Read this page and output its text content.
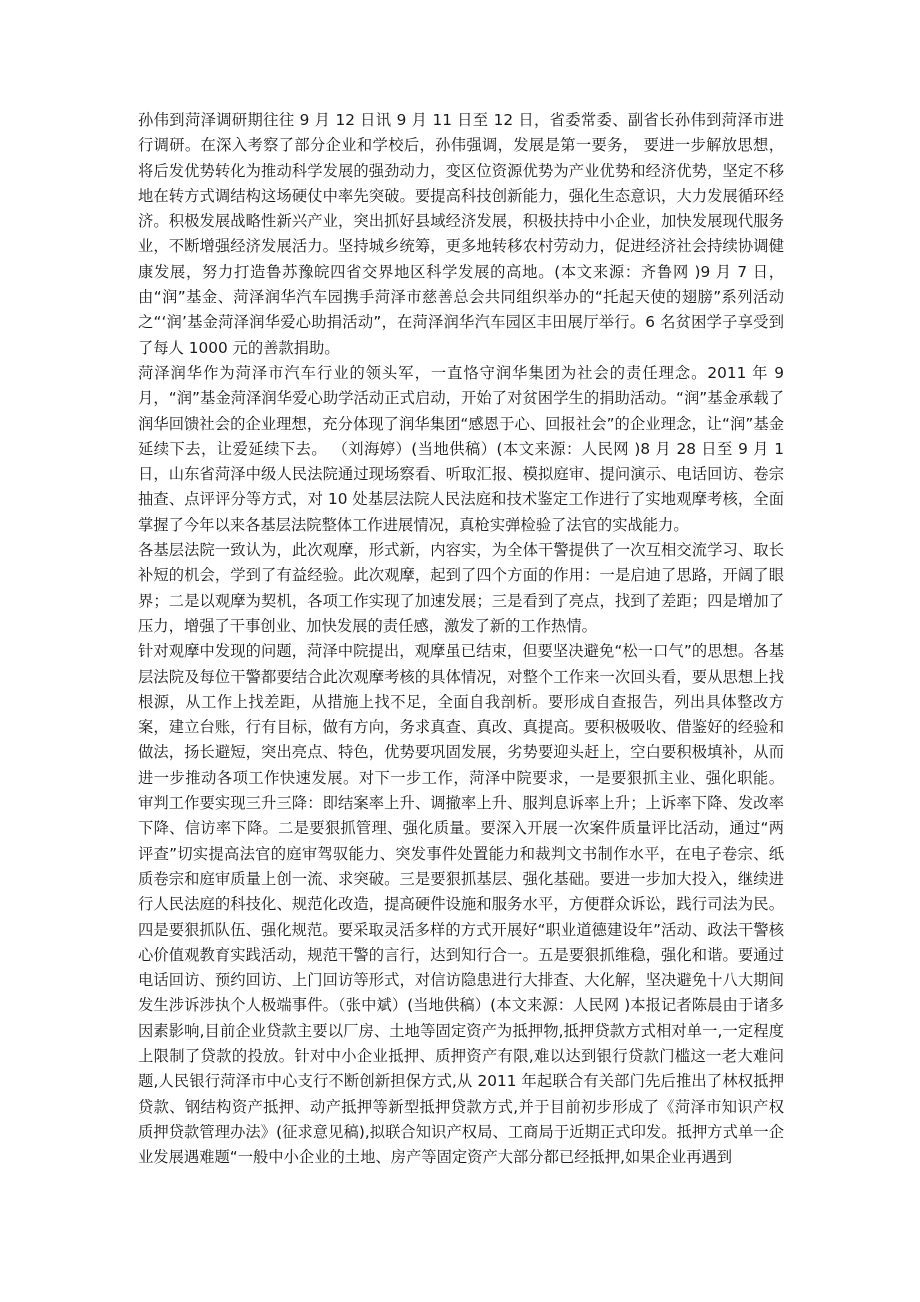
孙伟到菏泽调研期往往 9 月 12 日讯 9 月 11 日至 12 日，省委常委、副省长孙伟到菏泽市进行调研。在深入考察了部分企业和学校后，孙伟强调，发展是第一要务， 要进一步解放思想，将后发优势转化为推动科学发展的强劲动力，变区位资源优势为产业优势和经济优势，坚定不移地在转方式调结构这场硬仗中率先突破。要提高科技创新能力，强化生态意识，大力发展循环经济。积极发展战略性新兴产业，突出抓好县域经济发展，积极扶持中小企业，加快发展现代服务业，不断增强经济发展活力。坚持城乡统筹，更多地转移农村劳动力，促进经济社会持续协调健康发展，努力打造鲁苏豫皖四省交界地区科学发展的高地。(本文来源：齐鲁网 )9 月 7 日，由“润”基金、菏泽润华汽车园携手菏泽市慈善总会共同组织举办的“托起天使的翅膀”系列活动之“‘润’基金菏泽润华爱心助捐活动”，在菏泽润华汽车园区丰田展厅举行。6 名贫困学子享受到了每人 1000 元的善款捐助。

菏泽润华作为菏泽市汽车行业的领头军，一直恪守润华集团为社会的责任理念。2011 年 9 月，“润”基金菏泽润华爱心助学活动正式启动，开始了对贫困学生的捐助活动。“润”基金承载了润华回馈社会的企业理想，充分体现了润华集团“感恩于心、回报社会”的企业理念，让“润”基金延续下去，让爱延续下去。 （刘海婷）(当地供稿）(本文来源：人民网 )8 月 28 日至 9 月 1 日，山东省菏泽中级人民法院通过现场察看、听取汇报、模拟庭审、提问演示、电话回访、卷宗抽查、点评评分等方式，对 10 处基层法院人民法庭和技术鉴定工作进行了实地观摩考核，全面掌握了今年以来各基层法院整体工作进展情况，真枪实弹检验了法官的实战能力。

各基层法院一致认为，此次观摩，形式新，内容实，为全体干警提供了一次互相交流学习、取长补短的机会，学到了有益经验。此次观摩，起到了四个方面的作用：一是启迪了思路，开阔了眼界；二是以观摩为契机，各项工作实现了加速发展；三是看到了亮点，找到了差距；四是增加了压力，增强了干事创业、加快发展的责任感，激发了新的工作热情。

针对观摩中发现的问题，菏泽中院提出，观摩虽已结束，但要坚决避免“松一口气”的思想。各基层法院及每位干警都要结合此次观摩考核的具体情况，对整个工作来一次回头看，要从思想上找根源，从工作上找差距，从措施上找不足，全面自我剖析。要形成自查报告，列出具体整改方案，建立台账，行有目标，做有方向，务求真查、真改、真提高。要积极吸收、借鉴好的经验和做法，扬长避短，突出亮点、特色，优势要巩固发展，劣势要迎头赶上，空白要积极填补，从而进一步推动各项工作快速发展。对下一步工作，菏泽中院要求，一是要狠抓主业、强化职能。 审判工作要实现三升三降：即结案率上升、调撤率上升、服判息诉率上升；上诉率下降、发改率下降、信访率下降。二是要狠抓管理、强化质量。要深入开展一次案件质量评比活动，通过“两评查”切实提高法官的庭审驾驭能力、突发事件处置能力和裁判文书制作水平，在电子卷宗、纸质卷宗和庭审质量上创一流、求突破。三是要狠抓基层、强化基础。要进一步加大投入，继续进行人民法庭的科技化、规范化改造，提高硬件设施和服务水平，方便群众诉讼，践行司法为民。四是要狠抓队伍、强化规范。要采取灵活多样的方式开展好“职业道德建设年”活动、政法干警核心价值观教育实践活动，规范干警的言行，达到知行合一。五是要狠抓维稳，强化和谐。要通过电话回访、预约回访、上门回访等形式，对信访隐患进行大排查、大化解，坚决避免十八大期间发生涉诉涉执个人极端事件。（张中斌）(当地供稿）(本文来源：人民网 )本报记者陈晨由于诸多因素影响,目前企业贷款主要以厂房、土地等固定资产为抵押物,抵押贷款方式相对单一,一定程度上限制了贷款的投放。针对中小企业抵押、质押资产有限,难以达到银行贷款门槛这一老大难问题,人民银行菏泽市中心支行不断创新担保方式,从 2011 年起联合有关部门先后推出了林权抵押贷款、钢结构资产抵押、动产抵押等新型抵押贷款方式,并于目前初步形成了《菏泽市知识产权质押贷款管理办法》(征求意见稿),拟联合知识产权局、工商局于近期正式印发。抵押方式单一企业发展遇难题“一般中小企业的土地、房产等固定资产大部分都已经抵押,如果企业再遇到
